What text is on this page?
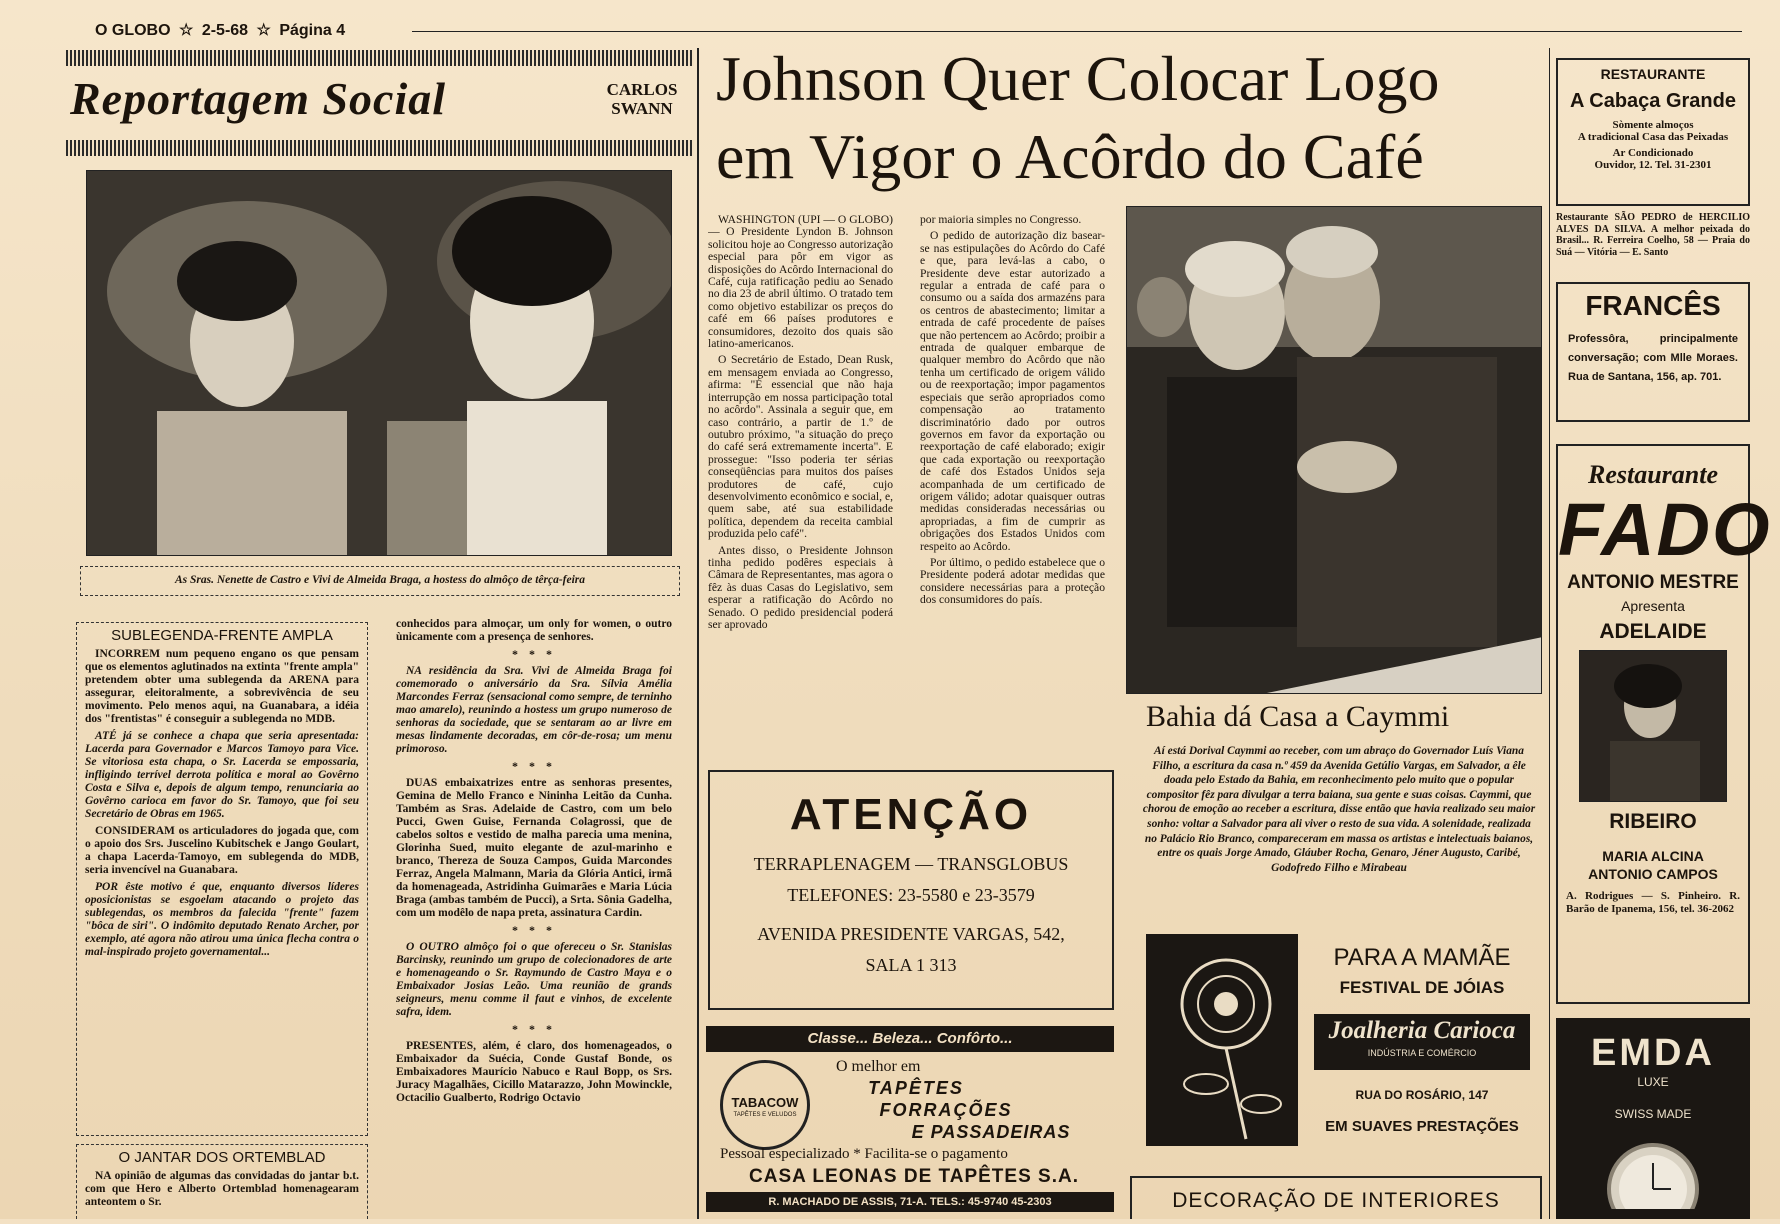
O GLOBO ☆ 2-5-68 ☆ Página 4
Reportagem Social	CARLOS
SWANN
As Sras. Nenette de Castro e Vivi de Almeida Braga, a hostess do almôço de têrça-feira
SUBLEGENDA-FRENTE AMPLA

INCORREM num pequeno engano os que pensam que os elementos aglutinados na extinta "frente ampla" pretendem obter uma sublegenda da ARENA para assegurar, eleitoralmente, a sobrevivência de seu movimento. Pelo menos aqui, na Guanabara, a idéia dos "frentistas" é conseguir a sublegenda no MDB.

ATÉ já se conhece a chapa que seria apresentada: Lacerda para Governador e Marcos Tamoyo para Vice. Se vitoriosa esta chapa, o Sr. Lacerda se empossaria, infligindo terrível derrota política e moral ao Govêrno Costa e Silva e, depois de algum tempo, renunciaria ao Govêrno carioca em favor do Sr. Tamoyo, que foi seu Secretário de Obras em 1965.

CONSIDERAM os articuladores do jogada que, com o apoio dos Srs. Juscelino Kubitschek e Jango Goulart, a chapa Lacerda-Tamoyo, em sublegenda do MDB, seria invencível na Guanabara.

POR êste motivo é que, enquanto diversos líderes oposicionistas se esgoelam atacando o projeto das sublegendas, os membros da falecida "frente" fazem "bôca de siri". O indômito deputado Renato Archer, por exemplo, até agora não atirou uma única flecha contra o mal-inspirado projeto governamental...

O JANTAR DOS ORTEMBLAD

NA opinião de algumas das convidadas do jantar b.t. com que Hero e Alberto Ortemblad homenagearam anteontem o Sr.

conhecidos para almoçar, um only for women, o outro ùnicamente com a presença de senhores.

* * *

NA residência da Sra. Vivi de Almeida Braga foi comemorado o aniversário da Sra. Sílvia Amélia Marcondes Ferraz (sensacional como sempre, de terninho mao amarelo), reunindo a hostess um grupo numeroso de senhoras da sociedade, que se sentaram ao ar livre em mesas lindamente decoradas, em côr-de-rosa; um menu primoroso.

* * *

DUAS embaixatrizes entre as senhoras presentes, Gemina de Mello Franco e Nininha Leitão da Cunha. Também as Sras. Adelaide de Castro, com um belo Pucci, Gwen Guise, Fernanda Colagrossi, que de cabelos soltos e vestido de malha parecia uma menina, Glorinha Sued, muito elegante de azul-marinho e branco, Thereza de Souza Campos, Guida Marcondes Ferraz, Angela Malmann, Maria da Glória Antici, irmã da homenageada, Astridinha Guimarães e Maria Lúcia Braga (ambas também de Pucci), a Srta. Sônia Gadelha, com um modêlo de napa preta, assinatura Cardin.

* * *

O OUTRO almôço foi o que ofereceu o Sr. Stanislas Barcinsky, reunindo um grupo de colecionadores de arte e homenageando o Sr. Raymundo de Castro Maya e o Embaixador Josias Leão. Uma reunião de grands seigneurs, menu comme il faut e vinhos, de excelente safra, idem.

* * *

PRESENTES, além, é claro, dos homenageados, o Embaixador da Suécia, Conde Gustaf Bonde, os Embaixadores Maurício Nabuco e Raul Bopp, os Srs. Juracy Magalhães, Cicillo Matarazzo, John Mowinckle, Octacilio Gualberto, Rodrigo Octavio

Johnson Quer Colocar Logo
em Vigor o Acôrdo do Café

WASHINGTON (UPI — O GLOBO) — O Presidente Lyndon B. Johnson solicitou hoje ao Congresso autorização especial para pôr em vigor as disposições do Acôrdo Internacional do Café, cuja ratificação pediu ao Senado no dia 23 de abril último. O tratado tem como objetivo estabilizar os preços do café em 66 países produtores e consumidores, dezoito dos quais são latino-americanos.

O Secretário de Estado, Dean Rusk, em mensagem enviada ao Congresso, afirma: "É essencial que não haja interrupção em nossa participação total no acôrdo". Assinala a seguir que, em caso contrário, a partir de 1.º de outubro próximo, "a situação do preço do café será extremamente incerta". E prossegue: "Isso poderia ter sérias conseqüências para muitos dos países produtores de café, cujo desenvolvimento econômico e social, e, quem sabe, até sua estabilidade política, dependem da receita cambial produzida pelo café".

Antes disso, o Presidente Johnson tinha pedido podêres especiais à Câmara de Representantes, mas agora o fêz às duas Casas do Legislativo, sem esperar a ratificação do Acôrdo no Senado. O pedido presidencial poderá ser aprovado

por maioria simples no Congresso.

O pedido de autorização diz basear-se nas estipulações do Acôrdo do Café e que, para levá-las a cabo, o Presidente deve estar autorizado a regular a entrada de café para o consumo ou a saída dos armazéns para os centros de abastecimento; limitar a entrada de café procedente de países que não pertencem ao Acôrdo; proibir a entrada de qualquer embarque de qualquer membro do Acôrdo que não tenha um certificado de origem válido ou de reexportação; impor pagamentos especiais que serão apropriados como compensação ao tratamento discriminatório dado por outros governos em favor da exportação ou reexportação de café elaborado; exigir que cada exportação ou reexportação de café dos Estados Unidos seja acompanhada de um certificado de origem válido; adotar quaisquer outras medidas consideradas necessárias ou apropriadas, a fim de cumprir as obrigações dos Estados Unidos com respeito ao Acôrdo.

Por último, o pedido estabelece que o Presidente poderá adotar medidas que considere necessárias para a proteção dos consumidores do país.

Bahia dá Casa a Caymmi
Aí está Dorival Caymmi ao receber, com um abraço do Governador Luís Viana Filho, a escritura da casa n.º 459 da Avenida Getúlio Vargas, em Salvador, a êle doada pelo Estado da Bahia, em reconhecimento pelo muito que o popular compositor fêz para divulgar a terra baiana, sua gente e suas coisas. Caymmi, que chorou de emoção ao receber a escritura, disse então que havia realizado seu maior sonho: voltar a Salvador para ali viver o resto de sua vida. A solenidade, realizada no Palácio Rio Branco, compareceram em massa os artistas e intelectuais baianos, entre os quais Jorge Amado, Gláuber Rocha, Genaro, Jéner Augusto, Caribé, Godofredo Filho e Mirabeau
ATENÇÃO
TERRAPLENAGEM — TRANSGLOBUS
TELEFONES: 23-5580 e 23-3579
AVENIDA PRESIDENTE VARGAS, 542,
SALA 1 313
Classe... Beleza... Confôrto...
TABACOW
TAPÊTES E VELUDOS
O melhor em
TAPÊTES
FORRAÇÕES
E PASSADEIRAS
Pessoal especializado * Facilita-se o pagamento
CASA LEONAS DE TAPÊTES S.A.
R. MACHADO DE ASSIS, 71-A. TELS.: 45-9740 45-2303
PARA A MAMÃE
FESTIVAL DE JÓIAS
Joalheria Carioca
INDÚSTRIA E COMÉRCIO
RUA DO ROSÁRIO, 147
EM SUAVES PRESTAÇÕES
DECORAÇÃO DE INTERIORES
RESTAURANTE
A Cabaça Grande
Sòmente almoços
A tradicional Casa das Peixadas
Ar Condicionado
Ouvidor, 12. Tel. 31-2301
Restaurante SÃO PEDRO de HERCILIO ALVES DA SILVA. A melhor peixada do Brasil... R. Ferreira Coelho, 58 — Praia do Suá — Vitória — E. Santo
FRANCÊS
Professôra, principalmente conversação; com Mlle Moraes. Rua de Santana, 156, ap. 701.
Restaurante
FADO
ANTONIO MESTRE
Apresenta
ADELAIDE
RIBEIRO
MARIA ALCINA
ANTONIO CAMPOS
A. Rodrigues — S. Pinheiro. R. Barão de Ipanema, 156, tel. 36-2062
EMDA
LUXE
SWISS MADE
